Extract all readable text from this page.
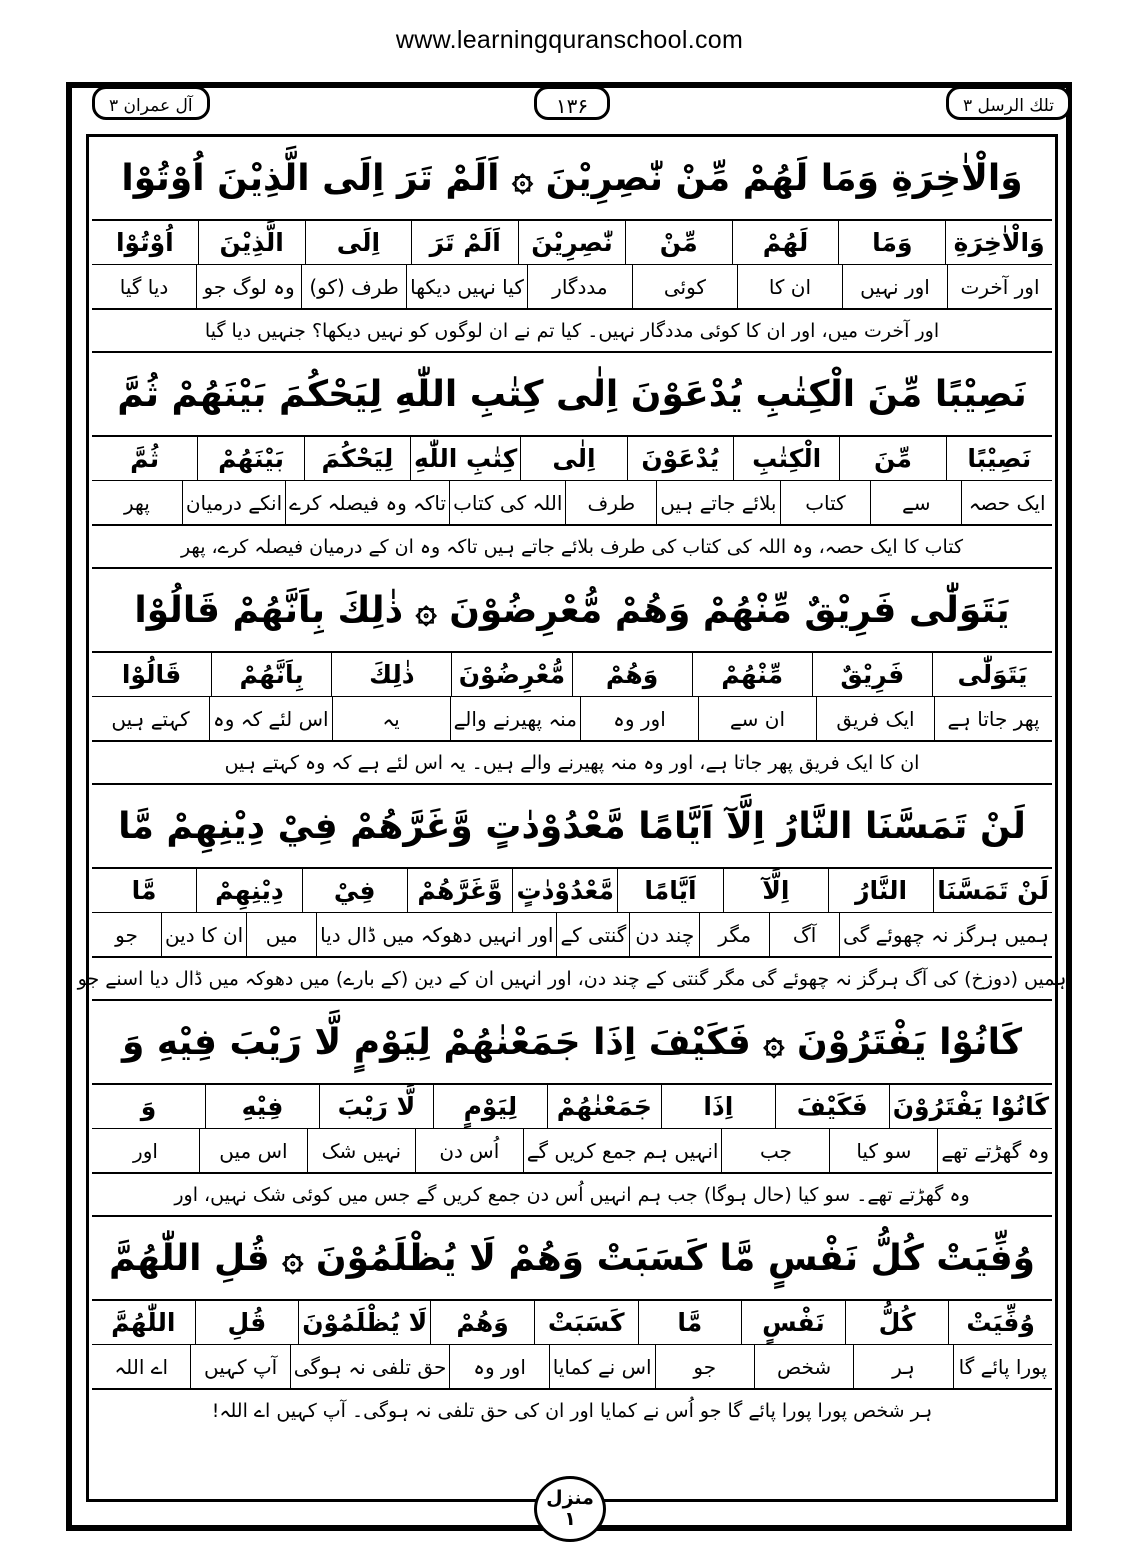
www.learningquranschool.com
آل عمران ۳	۱۳۶	تلك الرسل ۳
وَالْاٰخِرَةِ وَمَا لَهُمْ مِّنْ نّٰصِرِيْنَ ۞ اَلَمْ تَرَ اِلَى الَّذِيْنَ اُوْتُوْا
وَالْاٰخِرَةِ
وَمَا
لَهُمْ
مِّنْ
نّٰصِرِيْنَ
اَلَمْ تَرَ
اِلَى
الَّذِيْنَ
اُوْتُوْا
اور آخرت
اور نہیں
ان کا
کوئی
مددگار
کیا نہیں دیکھا
طرف (کو)
وہ لوگ جو
دیا گیا
اور آخرت میں، اور ان کا کوئی مددگار نہیں۔ کیا تم نے ان لوگوں کو نہیں دیکھا؟ جنہیں دیا گیا
نَصِيْبًا مِّنَ الْكِتٰبِ يُدْعَوْنَ اِلٰى كِتٰبِ اللّٰهِ لِيَحْكُمَ بَيْنَهُمْ ثُمَّ
نَصِيْبًا
مِّنَ
الْكِتٰبِ
يُدْعَوْنَ
اِلٰى
كِتٰبِ اللّٰهِ
لِيَحْكُمَ
بَيْنَهُمْ
ثُمَّ
ایک حصہ
سے
کتاب
بلائے جاتے ہیں
طرف
اللہ کی کتاب
تاکہ وہ فیصلہ کرے
انکے درمیان
پھر
کتاب کا ایک حصہ، وہ اللہ کی کتاب کی طرف بلائے جاتے ہیں تاکہ وہ ان کے درمیان فیصلہ کرے، پھر
يَتَوَلّٰى فَرِيْقٌ مِّنْهُمْ وَهُمْ مُّعْرِضُوْنَ ۞ ذٰلِكَ بِاَنَّهُمْ قَالُوْا
يَتَوَلّٰى
فَرِيْقٌ
مِّنْهُمْ
وَهُمْ
مُّعْرِضُوْنَ
ذٰلِكَ
بِاَنَّهُمْ
قَالُوْا
پھر جاتا ہے
ایک فریق
ان سے
اور وہ
منہ پھیرنے والے
یہ
اس لئے کہ وہ
کہتے ہیں
ان کا ایک فریق پھر جاتا ہے، اور وہ منہ پھیرنے والے ہیں۔ یہ اس لئے ہے کہ وہ کہتے ہیں
لَنْ تَمَسَّنَا النَّارُ اِلَّآ اَيَّامًا مَّعْدُوْدٰتٍ وَّغَرَّهُمْ فِيْ دِيْنِهِمْ مَّا
لَنْ تَمَسَّنَا
النَّارُ
اِلَّآ
اَيَّامًا
مَّعْدُوْدٰتٍ
وَّغَرَّهُمْ
فِيْ
دِيْنِهِمْ
مَّا
ہمیں ہرگز نہ چھوئے گی
آگ
مگر
چند دن
گنتی کے
اور انہیں دھوکہ میں ڈال دیا
میں
ان کا دین
جو
ہمیں (دوزخ) کی آگ ہرگز نہ چھوئے گی مگر گنتی کے چند دن، اور انہیں ان کے دین (کے بارے) میں دھوکہ میں ڈال دیا اسنے جو
كَانُوْا يَفْتَرُوْنَ ۞ فَكَيْفَ اِذَا جَمَعْنٰهُمْ لِيَوْمٍ لَّا رَيْبَ فِيْهِ وَ
كَانُوْا يَفْتَرُوْنَ
فَكَيْفَ
اِذَا
جَمَعْنٰهُمْ
لِيَوْمٍ
لَّا رَيْبَ
فِيْهِ
وَ
وہ گھڑتے تھے
سو کیا
جب
انہیں ہم جمع کریں گے
اُس دن
نہیں شک
اس میں
اور
وہ گھڑتے تھے۔ سو کیا (حال ہوگا) جب ہم انہیں اُس دن جمع کریں گے جس میں کوئی شک نہیں، اور
وُفِّيَتْ كُلُّ نَفْسٍ مَّا كَسَبَتْ وَهُمْ لَا يُظْلَمُوْنَ ۞ قُلِ اللّٰهُمَّ
وُفِّيَتْ
كُلُّ
نَفْسٍ
مَّا
كَسَبَتْ
وَهُمْ
لَا يُظْلَمُوْنَ
قُلِ
اللّٰهُمَّ
پورا پائے گا
ہر
شخص
جو
اس نے کمایا
اور وہ
حق تلفی نہ ہوگی
آپ کہیں
اے اللہ
ہر شخص پورا پورا پائے گا جو اُس نے کمایا اور ان کی حق تلفی نہ ہوگی۔ آپ کہیں اے اللہ!
منزل
١
